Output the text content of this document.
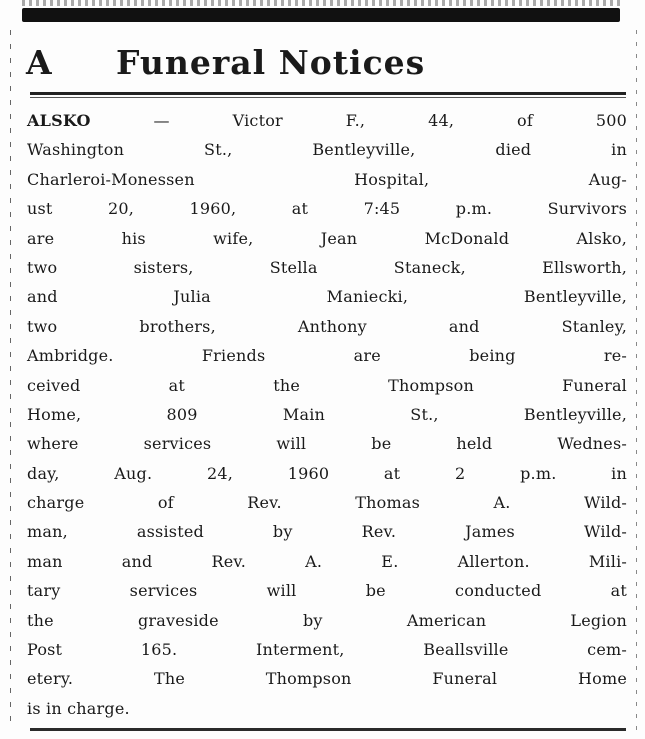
A	Funeral Notices
ALSKO — Victor F., 44, of 500
Washington St., Bentleyville, died in
Charleroi-Monessen Hospital, Aug-
ust 20, 1960, at 7:45 p.m. Survivors
are his wife, Jean McDonald Alsko,
two sisters, Stella Staneck, Ellsworth,
and Julia Maniecki, Bentleyville,
two brothers, Anthony and Stanley,
Ambridge. Friends are being re-
ceived at the Thompson Funeral
Home, 809 Main St., Bentleyville,
where services will be held Wednes-
day, Aug. 24, 1960 at 2 p.m. in
charge of Rev. Thomas A. Wild-
man, assisted by Rev. James Wild-
man and Rev. A. E. Allerton. Mili-
tary services will be conducted at
the graveside by American Legion
Post 165. Interment, Beallsville cem-
etery. The Thompson Funeral Home
is in charge.
